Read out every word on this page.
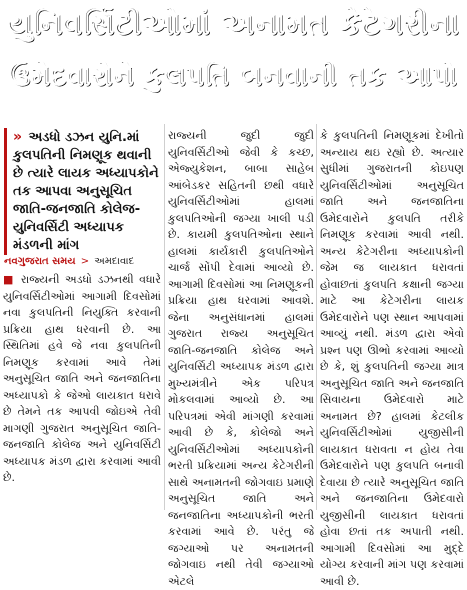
યુનિવર્સિટીઓમાં અનામત કેટેગરીના
ઉમેદવારોને કુલપતિ બનવાની તક આપો
» અડધો ડઝન યુનિ.માં કુલપતિની નિમણૂક થવાની છે ત્યારે લાયક અધ્યાપકોને તક આપવા અનુસૂચિત જાતિ-જનજાતિ કોલેજ-યુનિવર્સિટી અધ્યાપક મંડળની માંગ
નવગુજરાત સમય > અમદાવાદ

■ રાજ્યની અડધો ડઝનથી વધારે યુનિવર્સિટીઓમાં આગામી દિવસોમાં નવા કુલપતિની નિયુક્તિ કરવાની પ્રક્રિયા હાથ ધરવાની છે. આ સ્થિતિમાં હવે જે નવા કુલપતિની નિમણૂક કરવામાં આવે તેમાં અનુસૂચિત જાતિ અને જનજાતિના અધ્યાપકો કે જેઓ લાયકાત ધરાવે છે તેમને તક આપવી જોઇએ તેવી માગણી ગુજરાત અનુસૂચિત જાતિ-જનજાતિ કોલેજ અને યુનિવર્સિટી અધ્યાપક મંડળ દ્વારા કરવામાં આવી છે.

રાજ્યની જુદી જુદી યુનિવર્સિટીઓ જેવી કે કચ્છ, એજ્યુકેશન, બાબા સાહેબ આંબેડકર સહિતની છથી વધારે યુનિવર્સિટીઓમાં હાલમાં કુલપતિઓની જગ્યા ખાલી પડી છે. કાયમી કુલપતિઓના સ્થાને હાલમાં કાર્યકારી કુલપતિઓને ચાર્જ સોંપી દેવામાં આવ્યો છે. આગામી દિવસોમાં આ નિમણૂકની પ્રક્રિયા હાથ ધરવામાં આવશે. જેના અનુસંધાનમાં હાલમાં ગુજરાત રાજ્ય અનુસૂચિત જાતિ-જનજાતિ કોલેજ અને યુનિવર્સિટી અધ્યાપક મંડળ દ્વારા મુખ્યમંત્રીને એક પરિપત્ર મોકલવામાં આવ્યો છે. આ પરિપત્રમાં એવી માંગણી કરવામાં આવી છે કે, કોલેજો અને યુનિવર્સિટીઓમાં અધ્યાપકોની ભરતી પ્રક્રિયામાં અન્ય કેટેગરીની સાથે અનામતની જોગવાઇ પ્રમાણે અનુસૂચિત જાતિ અને જનજાતિના અધ્યાપકોની ભરતી કરવામાં આવે છે. પરંતુ જે જગ્યાઓ પર અનામતની જોગવાઇ નથી તેવી જગ્યાઓ એટલે

કે કુલપતિની નિમણૂકમાં દેખીતો અન્યાય થઇ રહ્યો છે. અત્યાર સુધીમાં ગુજરાતની કોઇપણ યુનિવર્સિટીઓમાં અનુસૂચિત જાતિ અને જનજાતિના ઉમેદવારોને કુલપતિ તરીકે નિમણૂક કરવામાં આવી નથી. અન્ય કેટેગરીના અધ્યાપકોની જેમ જ લાયકાત ધરાવતાં હોવાછતાં કુલપતિ કક્ષાની જગ્યા માટે આ કેટેગરીના લાયક ઉમેદવારોને પણ સ્થાન આપવામાં આવ્યું નથી. મંડળ દ્વારા એવો પ્રશ્ન પણ ઊભો કરવામાં આવ્યો છે કે, શું કુલપતિની જગ્યા માત્ર અનુસૂચિત જાતિ અને જનજાતિ સિવાયના ઉમેદવારો માટે અનામત છે? હાલમાં કેટલીક યુનિવર્સિટીઓમાં યુજીસીની લાયકાત ધરાવતા ન હોય તેવા ઉમેદવારોને પણ કુલપતિ બનાવી દેવાયા છે ત્યારે અનુસૂચિત જાતિ અને જનજાતિના ઉમેદવારો યુજીસીની લાયકાત ધરાવતાં હોવા છતાં તક અપાતી નથી. આગામી દિવસોમાં આ મુદ્દે યોગ્ય કરવાની માંગ પણ કરવામાં આવી છે.
